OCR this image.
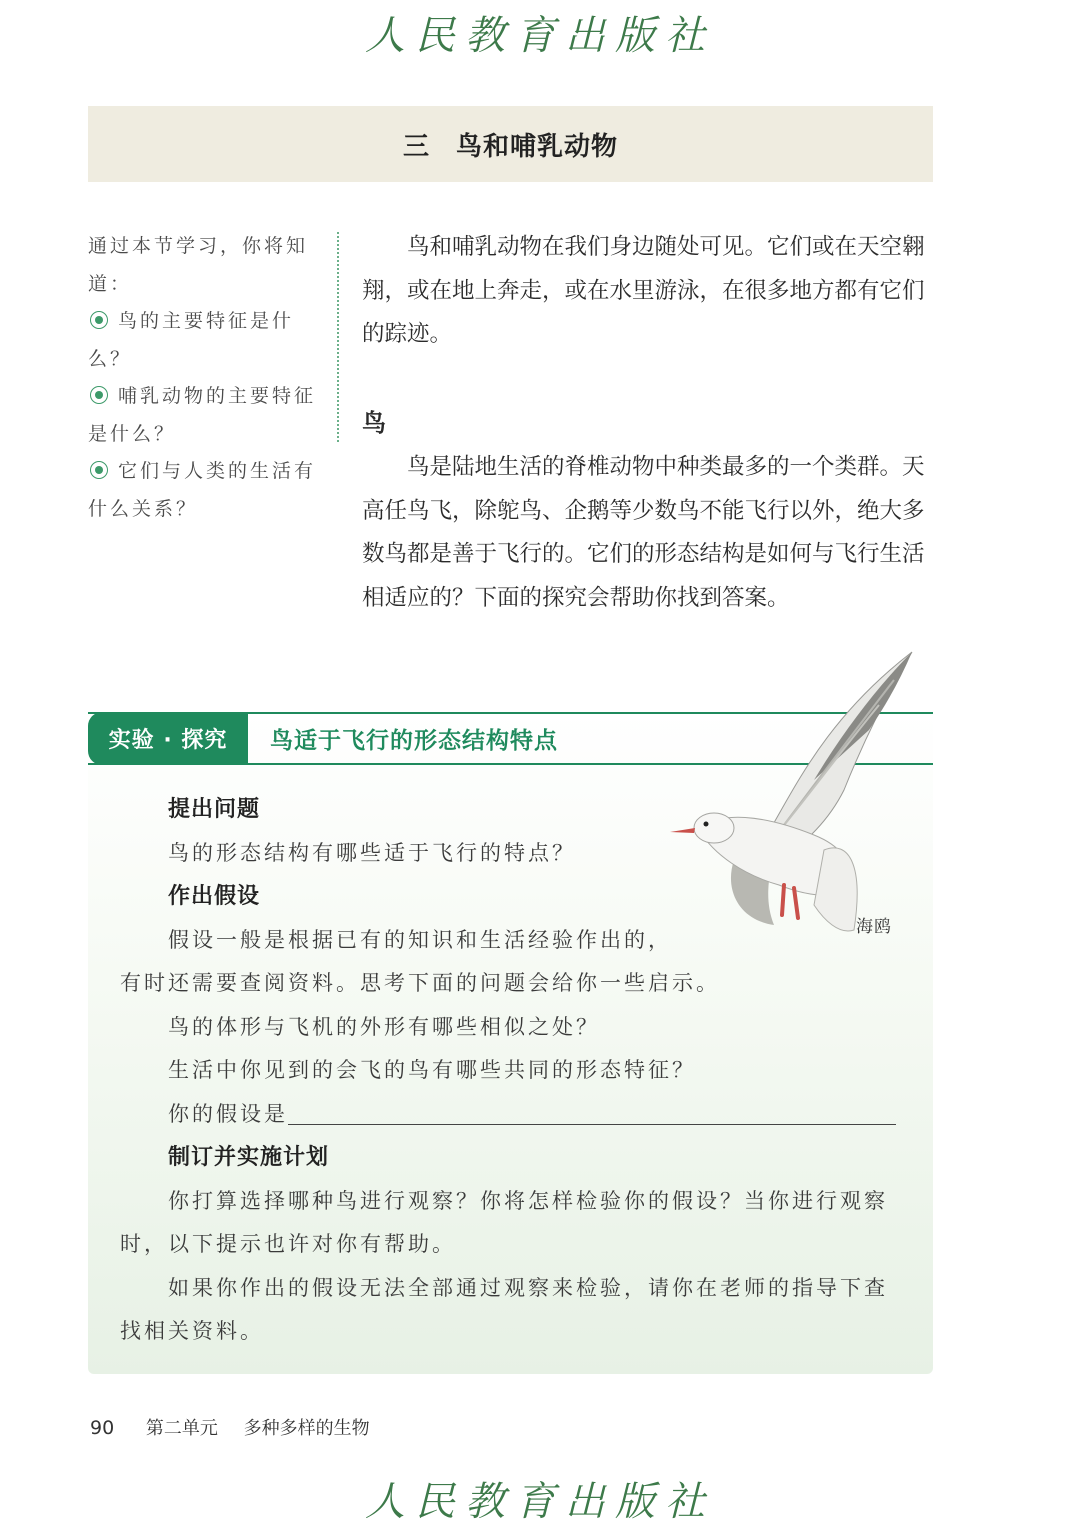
人民教育出版社
三 鸟和哺乳动物
通过本节学习，你将知道：
鸟的主要特征是什么？
哺乳动物的主要特征是什么？
它们与人类的生活有什么关系？

鸟和哺乳动物在我们身边随处可见。它们或在天空翱翔，或在地上奔走，或在水里游泳，在很多地方都有它们的踪迹。

鸟

鸟是陆地生活的脊椎动物中种类最多的一个类群。天高任鸟飞，除鸵鸟、企鹅等少数鸟不能飞行以外，绝大多数鸟都是善于飞行的。它们的形态结构是如何与飞行生活相适应的？下面的探究会帮助你找到答案。

实验 · 探究	鸟适于飞行的形态结构特点

提出问题

鸟的形态结构有哪些适于飞行的特点？

作出假设

假设一般是根据已有的知识和生活经验作出的，

有时还需要查阅资料。思考下面的问题会给你一些启示。

鸟的体形与飞机的外形有哪些相似之处？

生活中你见到的会飞的鸟有哪些共同的形态特征？

你的假设是

制订并实施计划

你打算选择哪种鸟进行观察？你将怎样检验你的假设？当你进行观察时，以下提示也许对你有帮助。

如果你作出的假设无法全部通过观察来检验，请你在老师的指导下查找相关资料。

海鸥
90 第二单元 多种多样的生物
人民教育出版社
